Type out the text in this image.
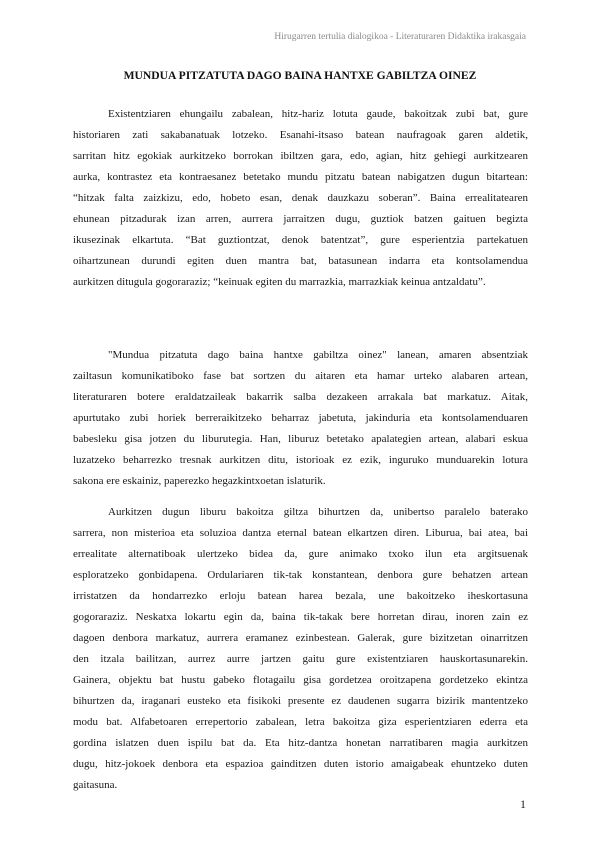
Hirugarren tertulia dialogikoa - Literaturaren Didaktika irakasgaia
MUNDUA PITZATUTA DAGO BAINA HANTXE GABILTZA OINEZ
Existentziaren ehungailu zabalean, hitz-hariz lotuta gaude, bakoitzak zubi bat, gure
historiaren zati sakabanatuak lotzeko. Esanahi-itsaso batean naufragoak garen aldetik,
sarritan hitz egokiak aurkitzeko borrokan ibiltzen gara, edo, agian, hitz gehiegi aurkitzearen
aurka, kontrastez eta kontraesanez betetako mundu pitzatu batean nabigatzen dugun bitartean:
“hitzak falta zaizkizu, edo, hobeto esan, denak dauzkazu soberan”. Baina errealitatearen
ehunean pitzadurak izan arren, aurrera jarraitzen dugu, guztiok batzen gaituen begizta
ikusezinak elkartuta. “Bat guztiontzat, denok batentzat”, gure esperientzia partekatuen
oihartzunean durundi egiten duen mantra bat, batasunean indarra eta kontsolamendua
aurkitzen ditugula gogoraraziz; “keinuak egiten du marrazkia, marrazkiak keinua antzaldatu”.
"Mundua pitzatuta dago baina hantxe gabiltza oinez" lanean, amaren absentziak
zailtasun komunikatiboko fase bat sortzen du aitaren eta hamar urteko alabaren artean,
literaturaren botere eraldatzaileak bakarrik salba dezakeen arrakala bat markatuz. Aitak,
apurtutako zubi horiek berreraikitzeko beharraz jabetuta, jakinduria eta kontsolamenduaren
babesleku gisa jotzen du liburutegia. Han, liburuz betetako apalategien artean, alabari eskua
luzatzeko beharrezko tresnak aurkitzen ditu, istorioak ez ezik, inguruko munduarekin lotura
sakona ere eskainiz, paperezko hegazkintxoetan islaturik.
Aurkitzen dugun liburu bakoitza giltza bihurtzen da, unibertso paralelo baterako
sarrera, non misterioa eta soluzioa dantza eternal batean elkartzen diren. Liburua, bai atea, bai
errealitate alternatiboak ulertzeko bidea da, gure animako txoko ilun eta argitsuenak
esploratzeko gonbidapena. Ordulariaren tik-tak konstantean, denbora gure behatzen artean
irristatzen da hondarrezko erloju batean harea bezala, une bakoitzeko iheskortasuna
gogoraraziz. Neskatxa lokartu egin da, baina tik-takak bere horretan dirau, inoren zain ez
dagoen denbora markatuz, aurrera eramanez ezinbestean. Galerak, gure bizitzetan oinarritzen
den itzala bailitzan, aurrez aurre jartzen gaitu gure existentziaren hauskortasunarekin.
Gainera, objektu bat hustu gabeko flotagailu gisa gordetzea oroitzapena gordetzeko ekintza
bihurtzen da, iraganari eusteko eta fisikoki presente ez daudenen sugarra bizirik mantentzeko
modu bat. Alfabetoaren errepertorio zabalean, letra bakoitza giza esperientziaren ederra eta
gordina islatzen duen ispilu bat da. Eta hitz-dantza honetan narratibaren magia aurkitzen
dugu, hitz-jokoek denbora eta espazioa gainditzen duten istorio amaigabeak ehuntzeko duten
gaitasuna.
1
